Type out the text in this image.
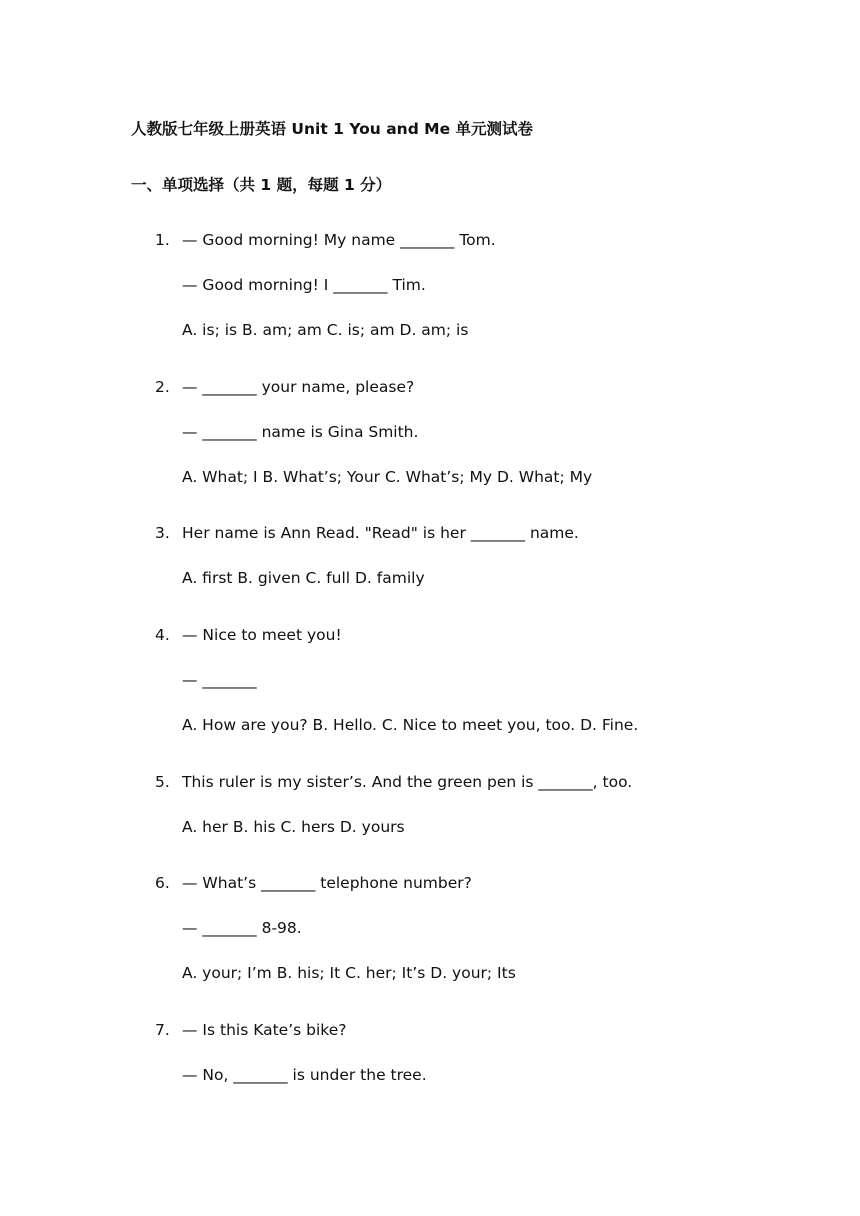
人教版七年级上册英语 Unit 1 You and Me 单元测试卷
一、单项选择（共 1 题，每题 1 分）
1. — Good morning! My name _______ Tom.
— Good morning! I _______ Tim.
A. is; is B. am; am C. is; am D. am; is
2. — _______ your name, please?
— _______ name is Gina Smith.
A. What; I B. What’s; Your C. What’s; My D. What; My
3. Her name is Ann Read. "Read" is her _______ name.
A. first B. given C. full D. family
4. — Nice to meet you!
— _______
A. How are you? B. Hello. C. Nice to meet you, too. D. Fine.
5. This ruler is my sister’s. And the green pen is _______, too.
A. her B. his C. hers D. yours
6. — What’s _______ telephone number?
— _______ 8-98.
A. your; I’m B. his; It C. her; It’s D. your; Its
7. — Is this Kate’s bike?
— No, _______ is under the tree.
